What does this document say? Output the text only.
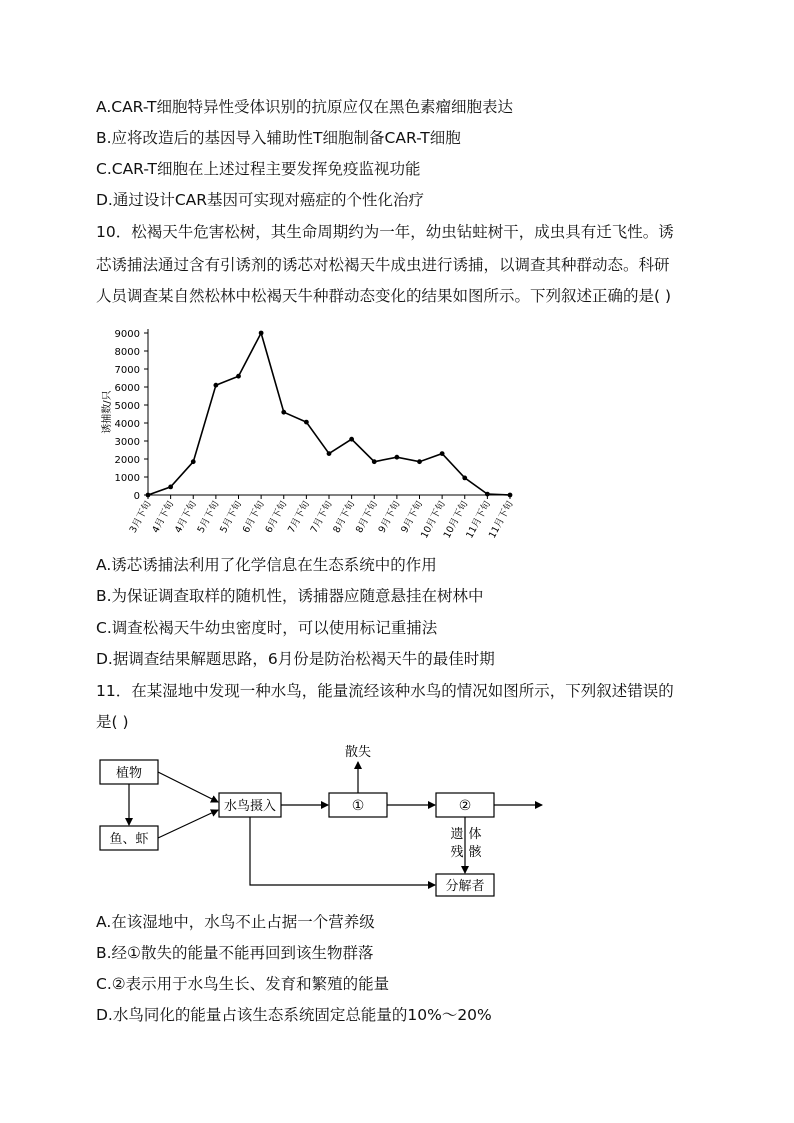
A.CAR-T细胞特异性受体识别的抗原应仅在黑色素瘤细胞表达
B.应将改造后的基因导入辅助性T细胞制备CAR-T细胞
C.CAR-T细胞在上述过程主要发挥免疫监视功能
D.通过设计CAR基因可实现对癌症的个性化治疗
10．松褐天牛危害松树，其生命周期约为一年，幼虫钻蛀树干，成虫具有迁飞性。诱
芯诱捕法通过含有引诱剂的诱芯对松褐天牛成虫进行诱捕，以调查其种群动态。科研
人员调查某自然松林中松褐天牛种群动态变化的结果如图所示。下列叙述正确的是( )
0
1000
2000
3000
4000
5000
6000
7000
8000
9000
3月下旬
4月下旬
4月下旬
5月下旬
5月下旬
6月下旬
6月下旬
7月下旬
7月下旬
8月下旬
8月下旬
9月下旬
9月下旬
10月下旬
10月下旬
11月下旬
11月下旬
诱捕数/只
A.诱芯诱捕法利用了化学信息在生态系统中的作用
B.为保证调查取样的随机性，诱捕器应随意悬挂在树林中
C.调查松褐天牛幼虫密度时，可以使用标记重捕法
D.据调查结果解题思路，6月份是防治松褐天牛的最佳时期
11．在某湿地中发现一种水鸟，能量流经该种水鸟的情况如图所示，下列叙述错误的
是( )
植物
鱼、虾
水鸟摄入	①	②
分解者
散失
遗 体
残 骸
A.在该湿地中，水鸟不止占据一个营养级
B.经①散失的能量不能再回到该生物群落
C.②表示用于水鸟生长、发育和繁殖的能量
D.水鸟同化的能量占该生态系统固定总能量的10%～20%
